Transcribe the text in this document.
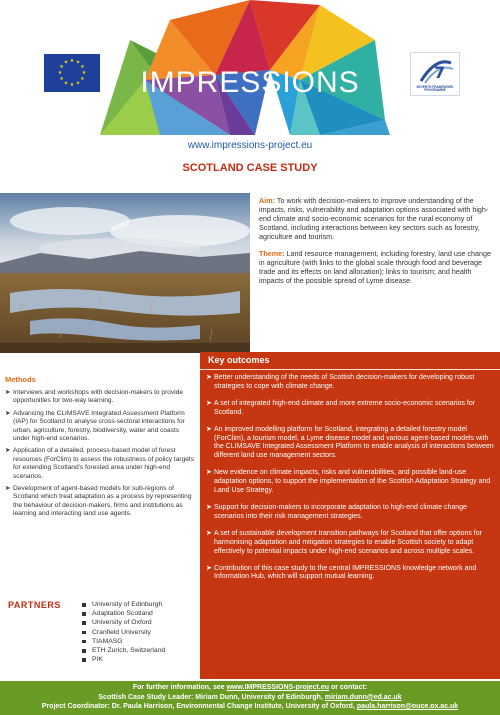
IMPRESSIONS
★ ★
★
★
★
★
★
★
★
★
★
★
7
SEVENTH FRAMEWORK PROGRAMME
www.impressions-project.eu
SCOTLAND CASE STUDY

Aim: To work with decision-makers to improve understanding of the impacts, risks, vulnerability and adaptation options associated with high-end climate and socio-economic scenarios for the rural economy of Scotland, including interactions between key sectors such as forestry, agriculture and tourism.

Theme: Land resource management, including forestry, land use change in agriculture (with links to the global scale through food and beverage trade and its effects on land allocation); links to tourism; and health impacts of the possible spread of Lyme disease.

Key outcomes
➤ Better understanding of the needs of Scottish decision-makers for developing robust strategies to cope with climate change.
➤ A set of integrated high-end climate and more extreme socio-economic scenarios for Scotland.
➤ An improved modelling platform for Scotland, integrating a detailed forestry model (ForClim), a tourism model, a Lyme disease model and various agent-based models with the CLIMSAVE Integrated Assessment Platform to enable analysis of interactions between different land use management sectors.
➤ New evidence on climate impacts, risks and vulnerabilities, and possible land-use adaptation options, to support the implementation of the Scottish Adaptation Strategy and Land Use Strategy.
➤ Support for decision-makers to incorporate adaptation to high-end climate change scenarios into their risk management strategies.
➤ A set of sustainable development transition pathways for Scotland that offer options for harmonising adaptation and mitigation strategies to enable Scottish society to adapt effectively to potential impacts under high-end scenarios and across multiple scales.
➤ Contribution of this case study to the central IMPRESSIONS knowledge network and Information Hub, which will support mutual learning.
Methods
➤ Interviews and workshops with decision-makers to provide opportunities for two-way learning.
➤ Advancing the CLIMSAVE Integrated Assessment Platform (IAP) for Scotland to analyse cross-sectoral interactions for urban, agriculture, forestry, biodiversity, water and coasts under high-end scenarios.
➤ Application of a detailed, process-based model of forest resources (ForClim) to assess the robustness of policy targets for extending Scotland's forested area under high-end scenarios.
➤ Development of agent-based models for sub-regions of Scotland which treat adaptation as a process by representing the behaviour of decision-makers, firms and institutions as learning and interacting land use agents.
PARTNERS	University of Edinburgh
Adaptation Scotland
University of Oxford
Cranfield University
TIAMASG
ETH Zurich, Switzerland
PIK
For further information, see www.IMPRESSIONS-project.eu or contact:
Scottish Case Study Leader: Miriam Dunn, University of Edinburgh, miriam.dunn@ed.ac.uk
Project Coordinator: Dr. Paula Harrison, Environmental Change Institute, University of Oxford, paula.harrison@ouce.ox.ac.uk
